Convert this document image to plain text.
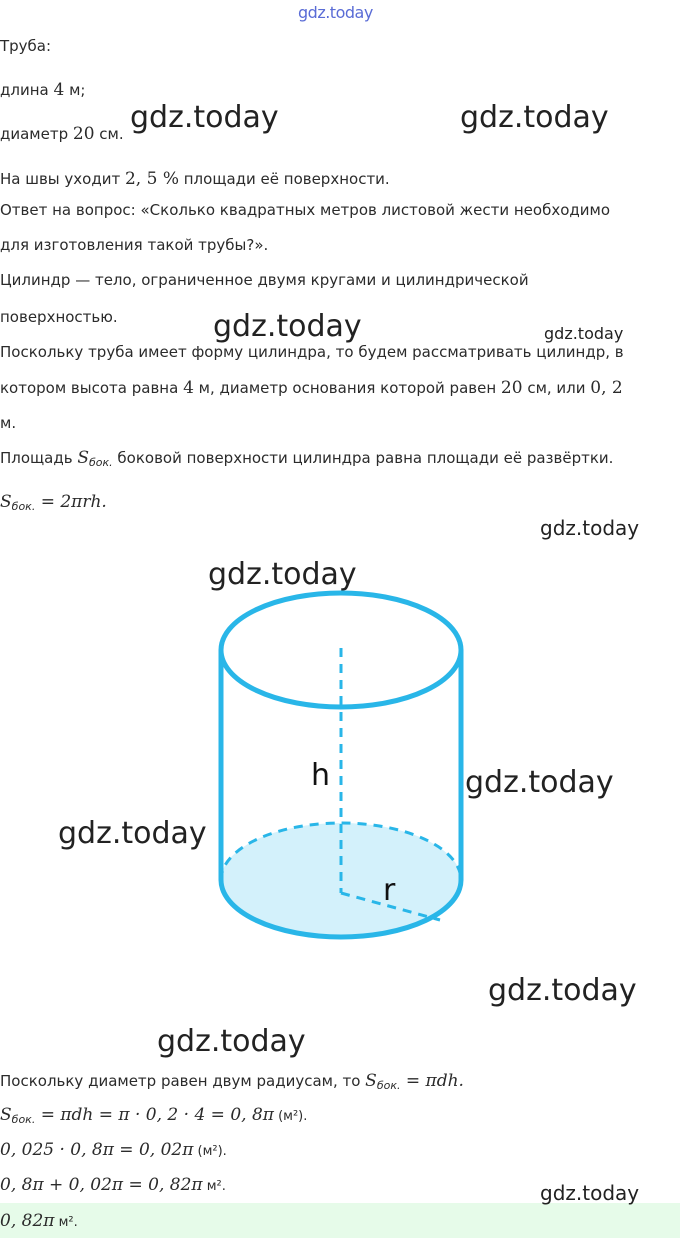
gdz.today
gdz.today	gdz.today
gdz.today	gdz.today
gdz.today
gdz.today
gdz.today
gdz.today
gdz.today
gdz.today
gdz.today
Труба:
длина 4 м;
диаметр 20 см.
На швы уходит 2, 5 % площади её поверхности.
Ответ на вопрос: «Сколько квадратных метров листовой жести необходимо
для изготовления такой трубы?».
Цилиндр — тело, ограниченное двумя кругами и цилиндрической
поверхностью.
Поскольку труба имеет форму цилиндра, то будем рассматривать цилиндр, в
котором высота равна 4 м, диаметр основания которой равен 20 см, или 0, 2
м.
Площадь $S_{бок.}$ боковой поверхности цилиндра равна площади её развёртки.
$S_{бок.} = 2\pi rh$.
h
r
Поскольку диаметр равен двум радиусам, то $S_{бок.} = \pi dh$.
$S_{бок.} = \pi dh = \pi \cdot 0$, 2 · 4 = 0, 8π (м²).
0, 025 · 0, 8π = 0, 02π (м²).
0, 8π + 0, 02π = 0, 82π м².
0, 82π м².
